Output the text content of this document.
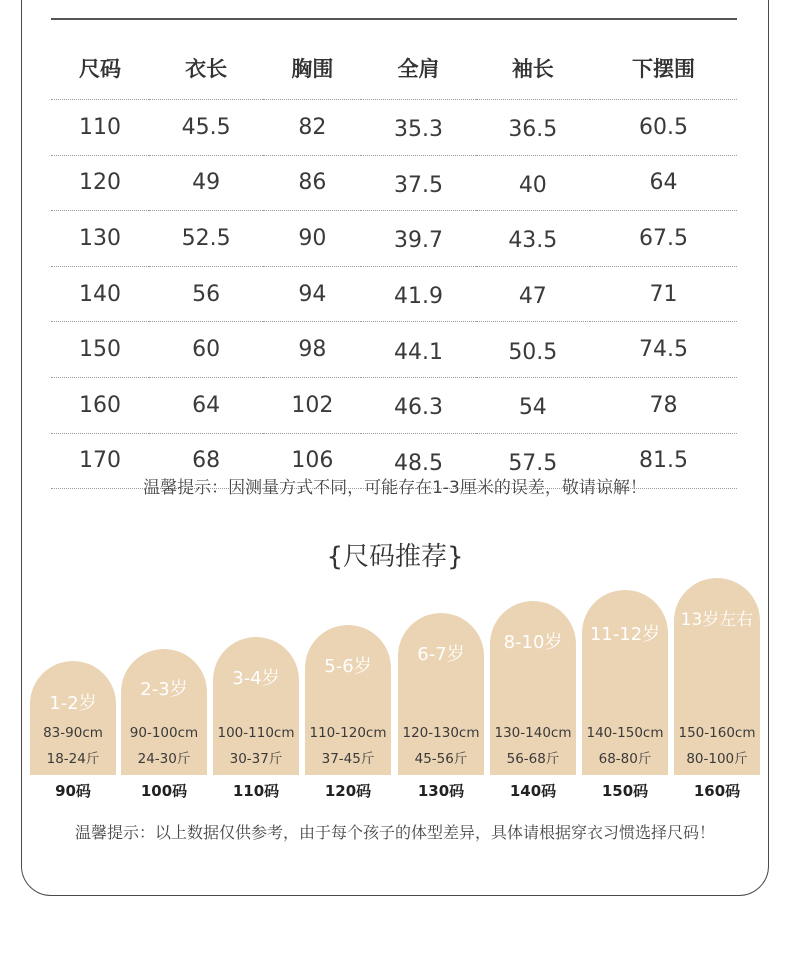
尺码	衣长	胸围	全肩	袖长	下摆围
110	45.5	82	35.3	36.5	60.5
120	49	86	37.5	40	64
130	52.5	90	39.7	43.5	67.5
140	56	94	41.9	47	71
150	60	98	44.1	50.5	74.5
160	64	102	46.3	54	78
170	68	106	48.5	57.5	81.5
温馨提示：因测量方式不同，可能存在1-3厘米的误差，敬请谅解！
{尺码推荐}
1-2岁
83-90cm
18-24斤
2-3岁
90-100cm
24-30斤
3-4岁
100-110cm
30-37斤
5-6岁
110-120cm
37-45斤
6-7岁
120-130cm
45-56斤
8-10岁
130-140cm
56-68斤
11-12岁
140-150cm
68-80斤
13岁左右
150-160cm
80-100斤
90码	100码	110码	120码	130码	140码	150码	160码
温馨提示：以上数据仅供参考，由于每个孩子的体型差异，具体请根据穿衣习惯选择尺码！
